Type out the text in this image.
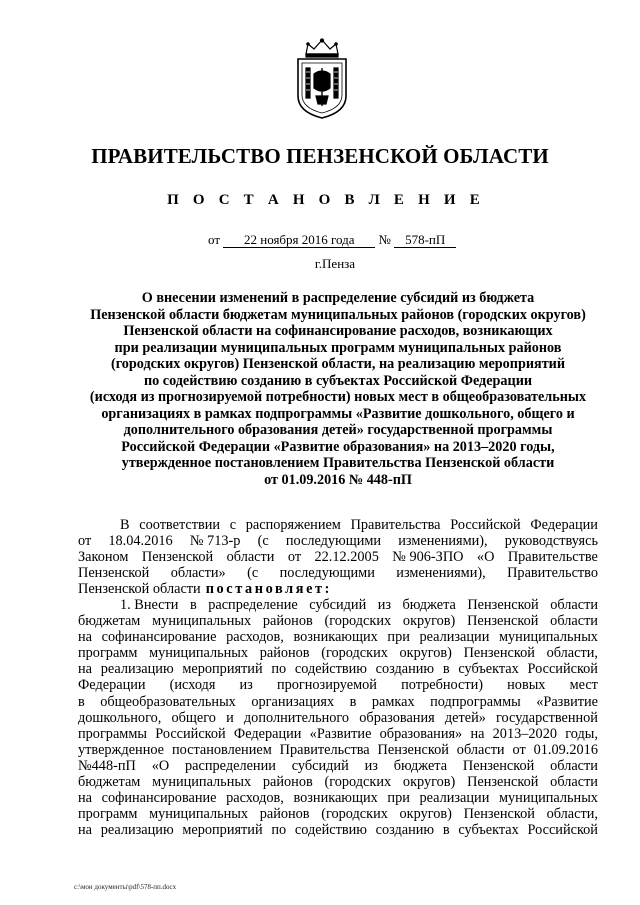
ПРАВИТЕЛЬСТВО ПЕНЗЕНСКОЙ ОБЛАСТИ
П О С Т А Н О В Л Е Н И Е
от 22 ноября 2016 года № 578-пП
г.Пенза
О внесении изменений в распределение субсидий из бюджета
Пензенской области бюджетам муниципальных районов (городских округов)
Пензенской области на софинансирование расходов, возникающих
при реализации муниципальных программ муниципальных районов
(городских округов) Пензенской области, на реализацию мероприятий
по содействию созданию в субъектах Российской Федерации
(исходя из прогнозируемой потребности) новых мест в общеобразовательных
организациях в рамках подпрограммы «Развитие дошкольного, общего и
дополнительного образования детей» государственной программы
Российской Федерации «Развитие образования» на 2013–2020 годы,
утвержденное постановлением Правительства Пензенской области
от 01.09.2016 № 448-пП
В соответствии с распоряжением Правительства Российской Федерации
от 18.04.2016 № 713-р (с последующими изменениями), руководствуясь
Законом Пензенской области от 22.12.2005 № 906-ЗПО «О Правительстве
Пензенской области» (с последующими изменениями), Правительство
Пензенской области постановляет:
1. Внести в распределение субсидий из бюджета Пензенской области
бюджетам муниципальных районов (городских округов) Пензенской области
на софинансирование расходов, возникающих при реализации муниципальных
программ муниципальных районов (городских округов) Пензенской области,
на реализацию мероприятий по содействию созданию в субъектах Российской
Федерации (исходя из прогнозируемой потребности) новых мест
в общеобразовательных организациях в рамках подпрограммы «Развитие
дошкольного, общего и дополнительного образования детей» государственной
программы Российской Федерации «Развитие образования» на 2013–2020 годы,
утвержденное постановлением Правительства Пензенской области от 01.09.2016
№448-пП «О распределении субсидий из бюджета Пензенской области
бюджетам муниципальных районов (городских округов) Пензенской области
на софинансирование расходов, возникающих при реализации муниципальных
программ муниципальных районов (городских округов) Пензенской области,
на реализацию мероприятий по содействию созданию в субъектах Российской
c:\мои документы\pdf\578-пп.docx
